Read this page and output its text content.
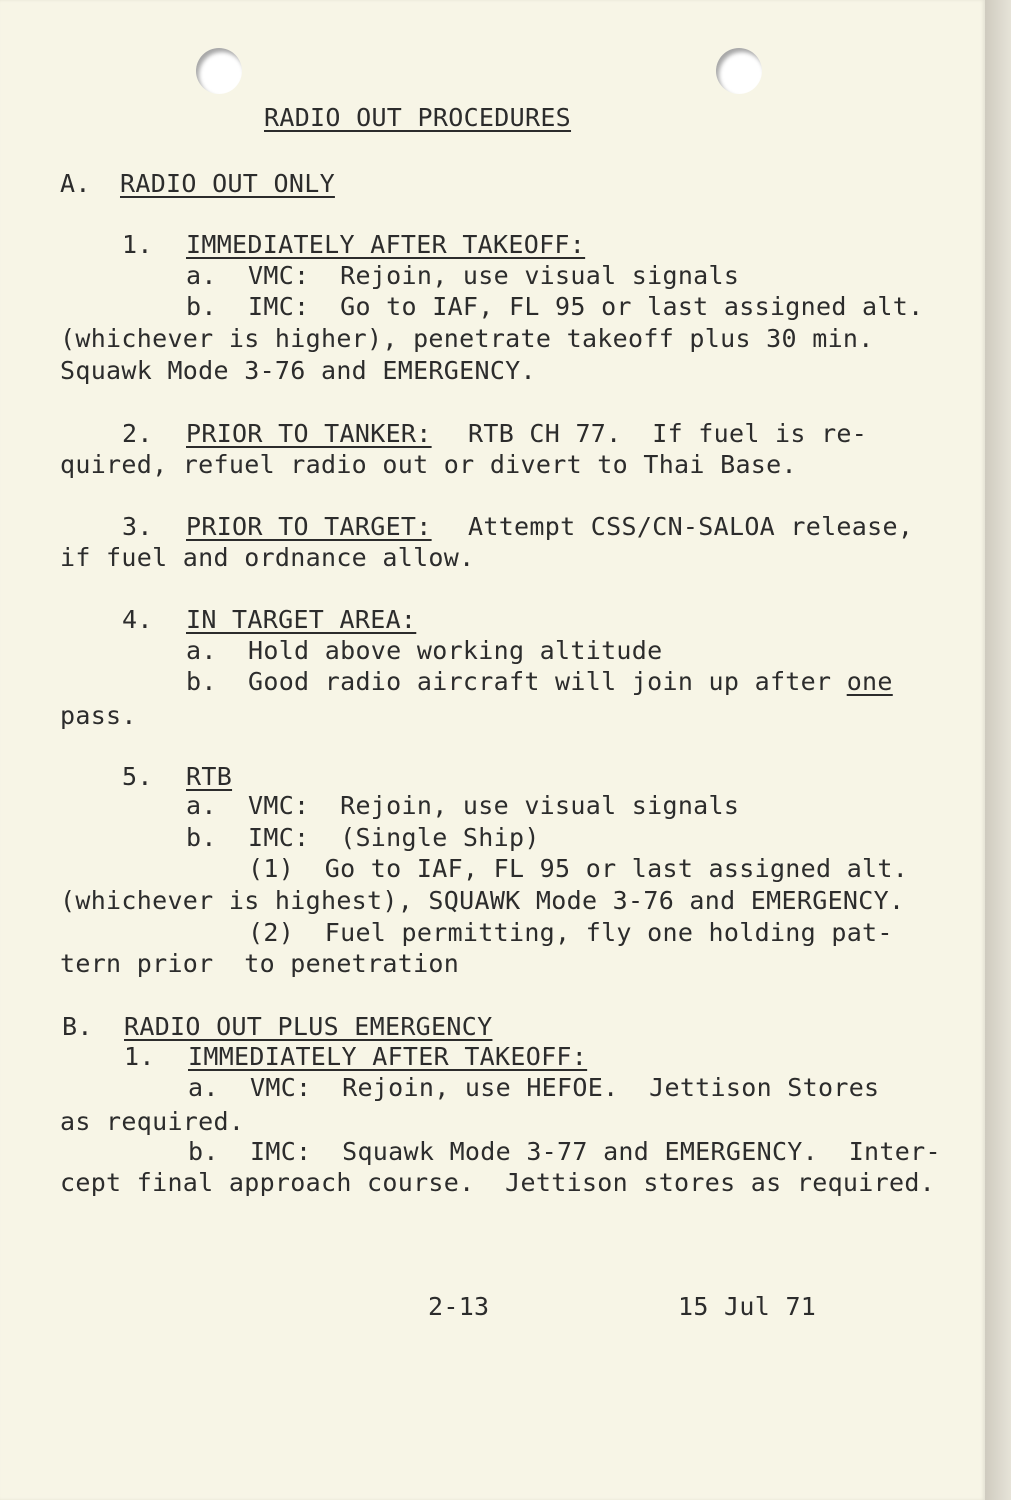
RADIO OUT PROCEDURES
A. RADIO OUT ONLY
1. IMMEDIATELY AFTER TAKEOFF:
a. VMC:  Rejoin, use visual signals
b. IMC:  Go to IAF, FL 95 or last assigned alt.
(whichever is higher), penetrate takeoff plus 30 min.
Squawk Mode 3-76 and EMERGENCY.
2. PRIOR TO TANKER: RTB CH 77.  If fuel is re-
quired, refuel radio out or divert to Thai Base.
3. PRIOR TO TARGET: Attempt CSS/CN-SALOA release,
if fuel and ordnance allow.
4. IN TARGET AREA:
a. Hold above working altitude
b. Good radio aircraft will join up after one
pass.
5. RTB
a. VMC:  Rejoin, use visual signals
b. IMC:  (Single Ship)
(1)  Go to IAF, FL 95 or last assigned alt.
(whichever is highest), SQUAWK Mode 3-76 and EMERGENCY.
(2)  Fuel permitting, fly one holding pat-
tern prior  to penetration
B. RADIO OUT PLUS EMERGENCY
1. IMMEDIATELY AFTER TAKEOFF:
a. VMC:  Rejoin, use HEFOE.  Jettison Stores
as required.
b. IMC:  Squawk Mode 3-77 and EMERGENCY.  Inter-
cept final approach course.  Jettison stores as required.
2-13	15 Jul 71
